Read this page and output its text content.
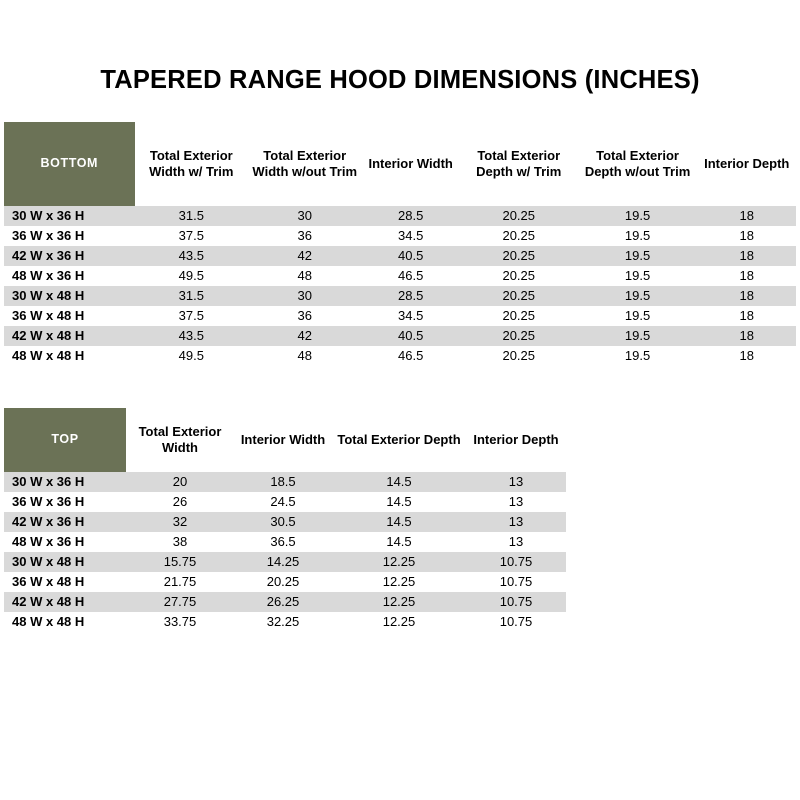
TAPERED RANGE HOOD DIMENSIONS (INCHES)
BOTTOM	Total Exterior Width w/ Trim	Total Exterior Width w/out Trim	Interior Width	Total Exterior Depth w/ Trim	Total Exterior Depth w/out Trim	Interior Depth
30 W x 36 H	31.5	30	28.5	20.25	19.5	18
36 W x 36 H	37.5	36	34.5	20.25	19.5	18
42 W x 36 H	43.5	42	40.5	20.25	19.5	18
48 W x 36 H	49.5	48	46.5	20.25	19.5	18
30 W x 48 H	31.5	30	28.5	20.25	19.5	18
36 W x 48 H	37.5	36	34.5	20.25	19.5	18
42 W x 48 H	43.5	42	40.5	20.25	19.5	18
48 W x 48 H	49.5	48	46.5	20.25	19.5	18
TOP	Total Exterior Width	Interior Width	Total Exterior Depth	Interior Depth	
30 W x 36 H	20	18.5	14.5	13	
36 W x 36 H	26	24.5	14.5	13	
42 W x 36 H	32	30.5	14.5	13	
48 W x 36 H	38	36.5	14.5	13	
30 W x 48 H	15.75	14.25	12.25	10.75	
36 W x 48 H	21.75	20.25	12.25	10.75	
42 W x 48 H	27.75	26.25	12.25	10.75	
48 W x 48 H	33.75	32.25	12.25	10.75	
